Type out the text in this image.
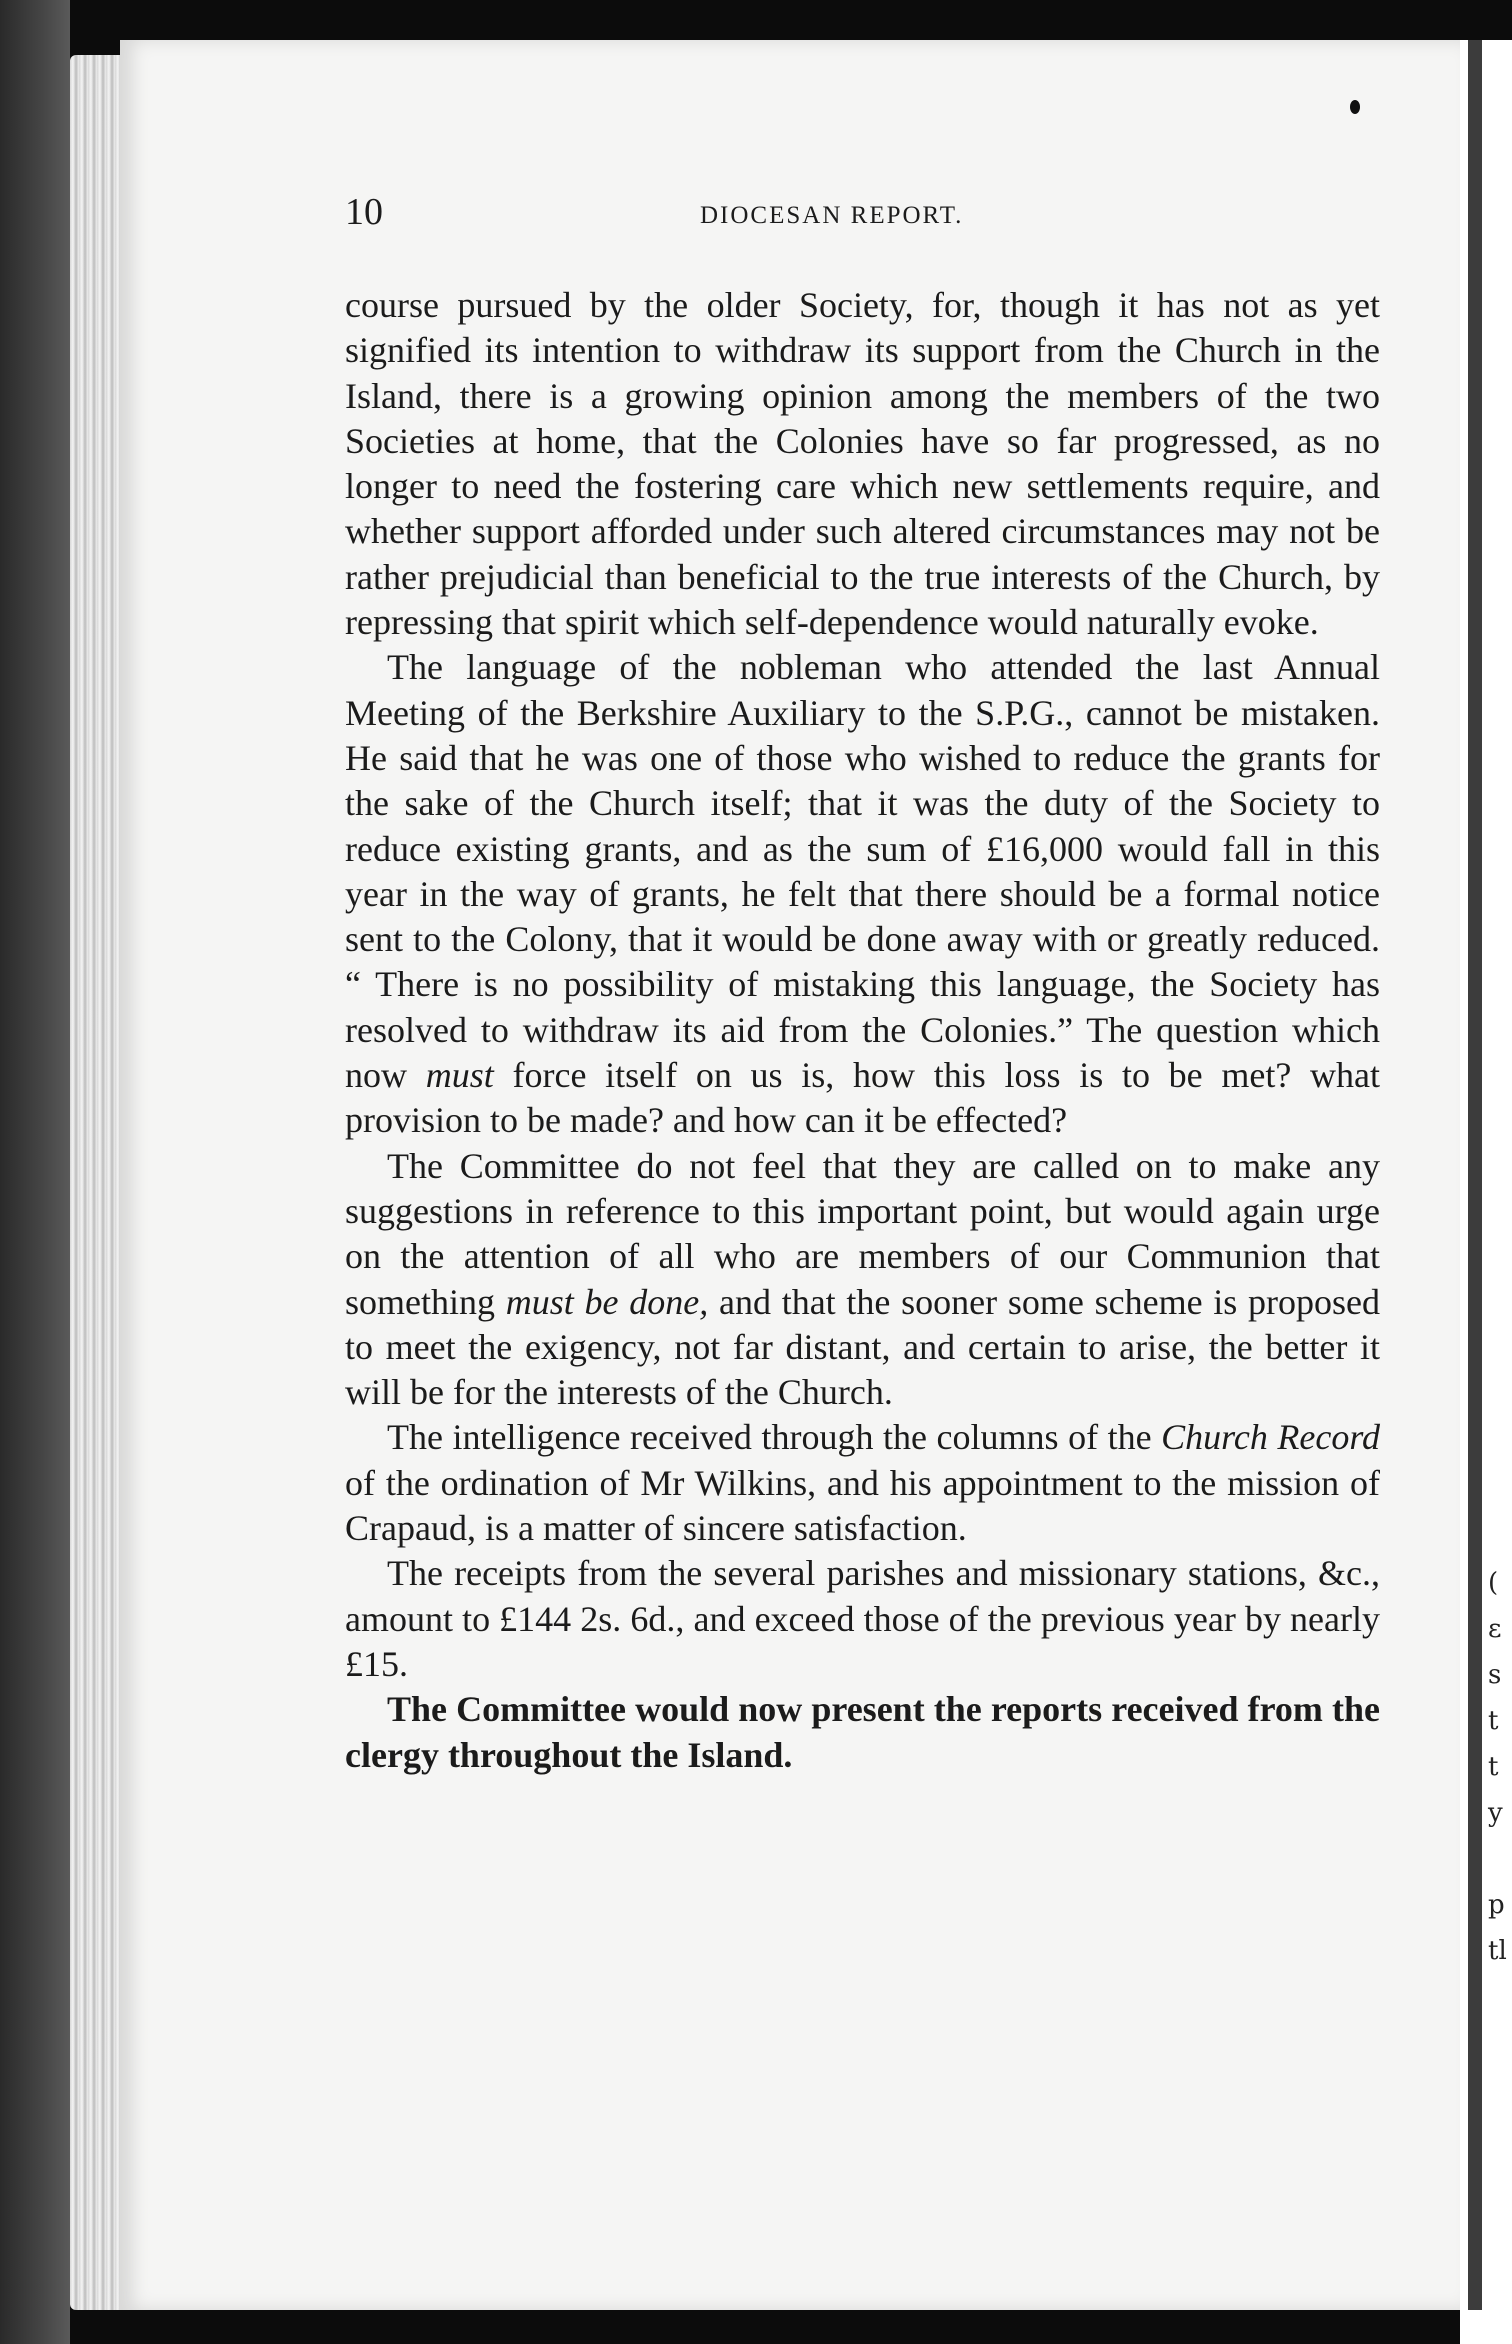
(
ε
s
t
t
y
p
tl
10	DIOCESAN REPORT.

course pursued by the older Society, for, though it has not as yet signified its intention to withdraw its support from the Church in the Island, there is a growing opinion among the members of the two Societies at home, that the Colonies have so far progressed, as no longer to need the fostering care which new settlements require, and whether support afforded under such altered circumstances may not be rather prejudicial than beneficial to the true interests of the Church, by repressing that spirit which self-dependence would naturally evoke.

The language of the nobleman who attended the last Annual Meeting of the Berkshire Auxiliary to the S.P.G., cannot be mistaken. He said that he was one of those who wished to reduce the grants for the sake of the Church itself; that it was the duty of the Society to reduce existing grants, and as the sum of £16,000 would fall in this year in the way of grants, he felt that there should be a formal notice sent to the Colony, that it would be done away with or greatly reduced. “ There is no possibility of mistaking this language, the Society has resolved to withdraw its aid from the Colonies.” The question which now must force itself on us is, how this loss is to be met? what provision to be made? and how can it be effected?

The Committee do not feel that they are called on to make any suggestions in reference to this important point, but would again urge on the attention of all who are members of our Communion that something must be done, and that the sooner some scheme is proposed to meet the exigency, not far distant, and certain to arise, the better it will be for the interests of the Church.

The intelligence received through the columns of the Church Record of the ordination of Mr Wilkins, and his appointment to the mission of Crapaud, is a matter of sincere satisfaction.

The receipts from the several parishes and missionary stations, &c., amount to £144 2s. 6d., and exceed those of the previous year by nearly £15.

The Committee would now present the reports received from the clergy throughout the Island.
